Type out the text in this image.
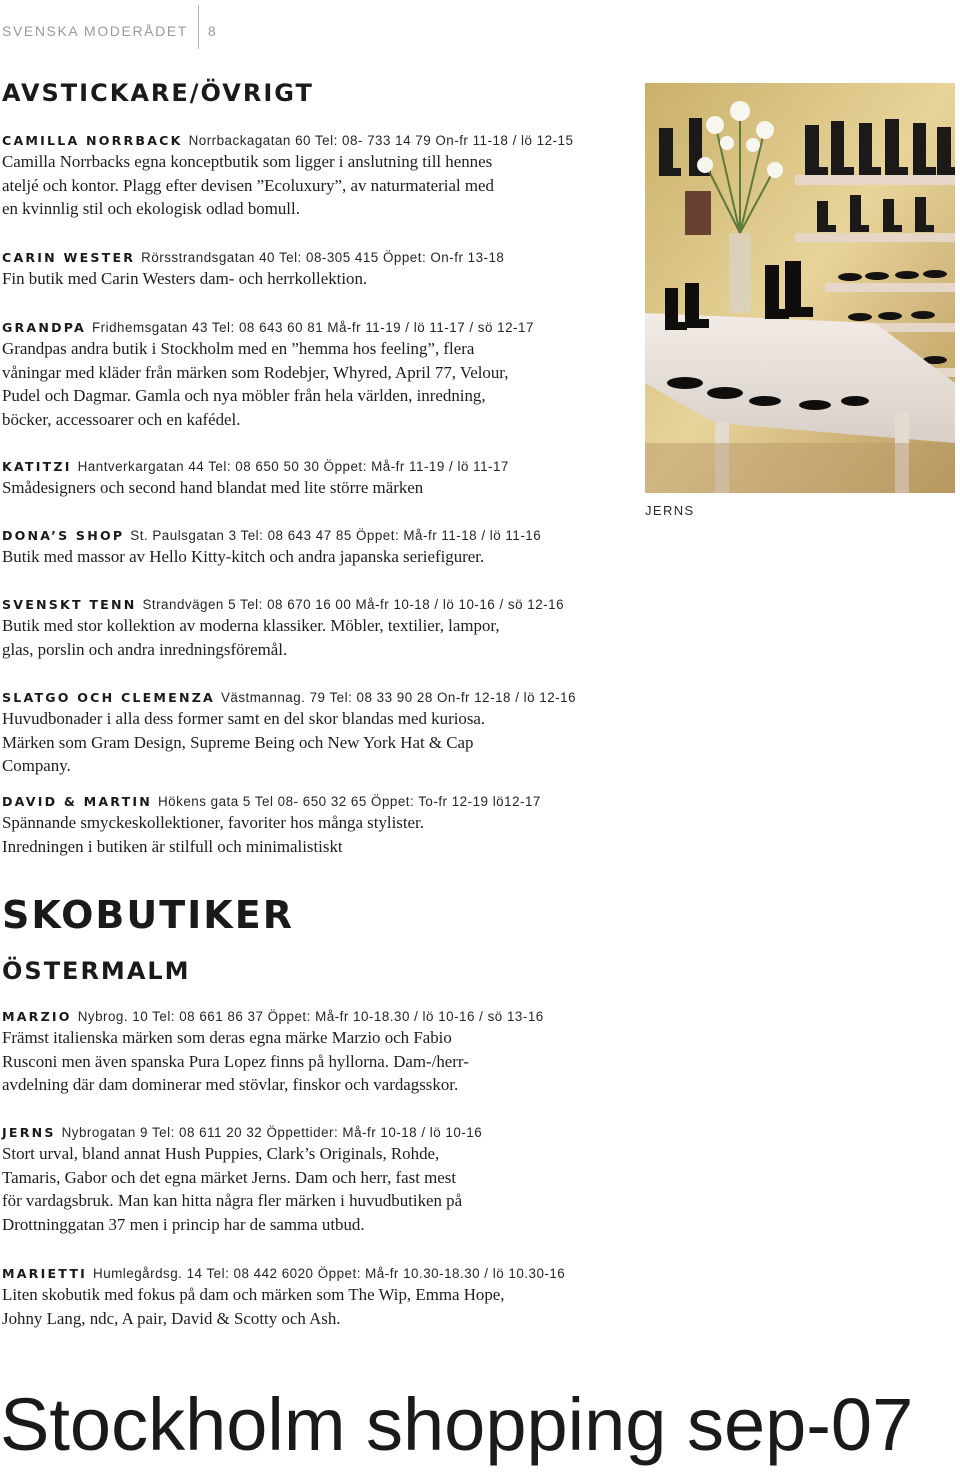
SVENSKA MODERÅDET 8
AVSTICKARE/ÖVRIGT
CAMILLA NORRBACK Norrbackagatan 60 Tel: 08- 733 14 79 On-fr 11-18 / lö 12-15
Camilla Norrbacks egna konceptbutik som ligger i anslutning till hennes
ateljé och kontor. Plagg efter devisen ”Ecoluxury”, av naturmaterial med
en kvinnlig stil och ekologisk odlad bomull.
CARIN WESTER Rörsstrandsgatan 40 Tel: 08-305 415 Öppet: On-fr 13-18
Fin butik med Carin Westers dam- och herrkollektion.
GRANDPA Fridhemsgatan 43 Tel: 08 643 60 81 Må-fr 11-19 / lö 11-17 / sö 12-17
Grandpas andra butik i Stockholm med en ”hemma hos feeling”, flera
våningar med kläder från märken som Rodebjer, Whyred, April 77, Velour,
Pudel och Dagmar. Gamla och nya möbler från hela världen, inredning,
böcker, accessoarer och en kafédel.
KATITZI Hantverkargatan 44 Tel: 08 650 50 30 Öppet: Må-fr 11-19 / lö 11-17
Smådesigners och second hand blandat med lite större märken
DONA’S SHOP St. Paulsgatan 3 Tel: 08 643 47 85 Öppet: Må-fr 11-18 / lö 11-16
Butik med massor av Hello Kitty-kitch och andra japanska seriefigurer.
SVENSKT TENN Strandvägen 5 Tel: 08 670 16 00 Må-fr 10-18 / lö 10-16 / sö 12-16
Butik med stor kollektion av moderna klassiker. Möbler, textilier, lampor,
glas, porslin och andra inredningsföremål.
SLATGO OCH CLEMENZA Västmannag. 79 Tel: 08 33 90 28 On-fr 12-18 / lö 12-16
Huvudbonader i alla dess former samt en del skor blandas med kuriosa.
Märken som Gram Design, Supreme Being och New York Hat & Cap
Company.
DAVID & MARTIN Hökens gata 5 Tel 08- 650 32 65 Öppet: To-fr 12-19 lö12-17
Spännande smyckeskollektioner, favoriter hos många stylister.
Inredningen i butiken är stilfull och minimalistiskt
SKOBUTIKER
ÖSTERMALM
MARZIO Nybrog. 10 Tel: 08 661 86 37 Öppet: Må-fr 10-18.30 / lö 10-16 / sö 13-16
Främst italienska märken som deras egna märke Marzio och Fabio
Rusconi men även spanska Pura Lopez finns på hyllorna. Dam-/herr-
avdelning där dam dominerar med stövlar, finskor och vardagsskor.
JERNS Nybrogatan 9 Tel: 08 611 20 32 Öppettider: Må-fr 10-18 / lö 10-16
Stort urval, bland annat Hush Puppies, Clark’s Originals, Rohde,
Tamaris, Gabor och det egna märket Jerns. Dam och herr, fast mest
för vardagsbruk. Man kan hitta några fler märken i huvudbutiken på
Drottninggatan 37 men i princip har de samma utbud.
MARIETTI Humlegårdsg. 14 Tel: 08 442 6020 Öppet: Må-fr 10.30-18.30 / lö 10.30-16
Liten skobutik med fokus på dam och märken som The Wip, Emma Hope,
Johny Lang, ndc, A pair, David & Scotty och Ash.
JERNS
Stockholm shopping sep-07
